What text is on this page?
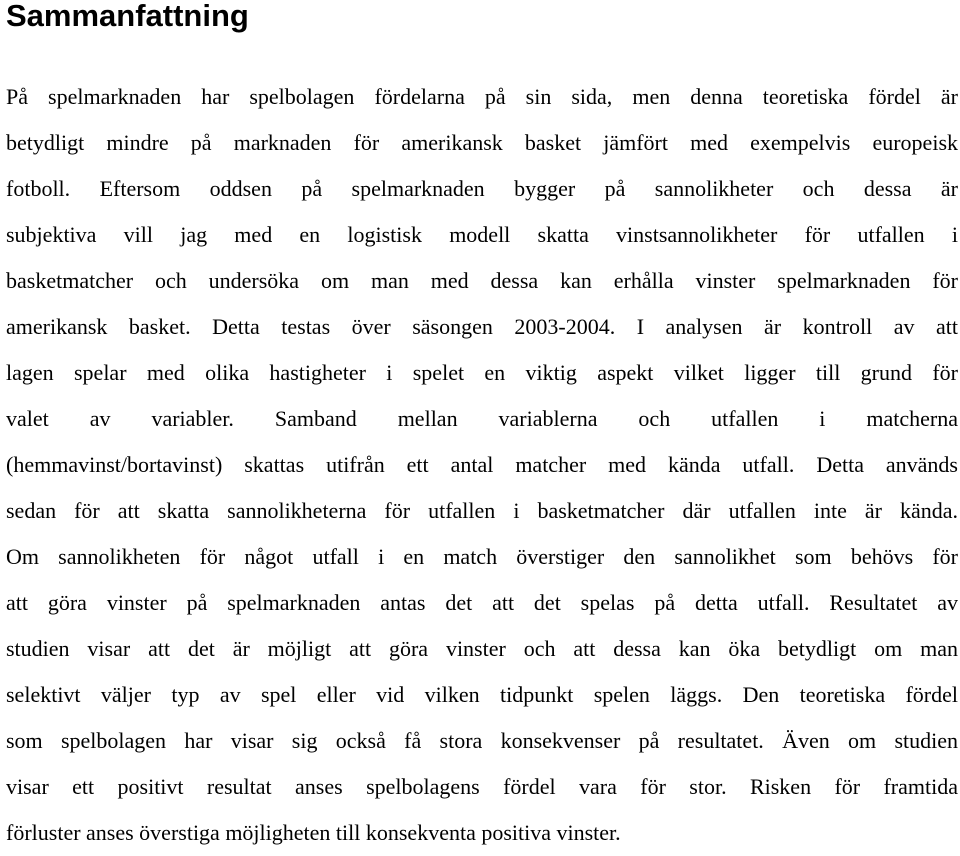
Sammanfattning
På spelmarknaden har spelbolagen fördelarna på sin sida, men denna teoretiska fördel är
betydligt mindre på marknaden för amerikansk basket jämfört med exempelvis europeisk
fotboll. Eftersom oddsen på spelmarknaden bygger på sannolikheter och dessa är
subjektiva vill jag med en logistisk modell skatta vinstsannolikheter för utfallen i
basketmatcher och undersöka om man med dessa kan erhålla vinster spelmarknaden för
amerikansk basket. Detta testas över säsongen 2003-2004. I analysen är kontroll av att
lagen spelar med olika hastigheter i spelet en viktig aspekt vilket ligger till grund för
valet av variabler. Samband mellan variablerna och utfallen i matcherna
(hemmavinst/bortavinst) skattas utifrån ett antal matcher med kända utfall. Detta används
sedan för att skatta sannolikheterna för utfallen i basketmatcher där utfallen inte är kända.
Om sannolikheten för något utfall i en match överstiger den sannolikhet som behövs för
att göra vinster på spelmarknaden antas det att det spelas på detta utfall. Resultatet av
studien visar att det är möjligt att göra vinster och att dessa kan öka betydligt om man
selektivt väljer typ av spel eller vid vilken tidpunkt spelen läggs. Den teoretiska fördel
som spelbolagen har visar sig också få stora konsekvenser på resultatet. Även om studien
visar ett positivt resultat anses spelbolagens fördel vara för stor. Risken för framtida
förluster anses överstiga möjligheten till konsekventa positiva vinster.
